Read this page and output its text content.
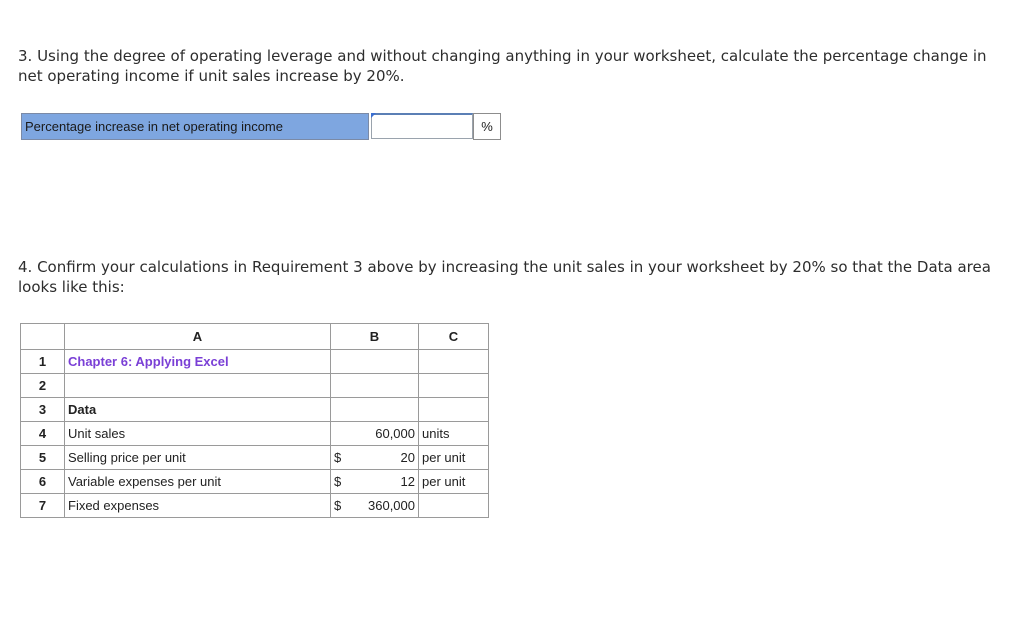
3. Using the degree of operating leverage and without changing anything in your worksheet, calculate the percentage change in net operating income if unit sales increase by 20%.
Percentage increase in net operating income	%
4. Confirm your calculations in Requirement 3 above by increasing the unit sales in your worksheet by 20% so that the Data area looks like this:
	A	B	C
1	Chapter 6: Applying Excel	

2		

3	Data	

4	Unit sales	60,000	units
5	Selling price per unit	$ 20	per unit
6	Variable expenses per unit	$ 12	per unit
7	Fixed expenses	$ 360,000	
